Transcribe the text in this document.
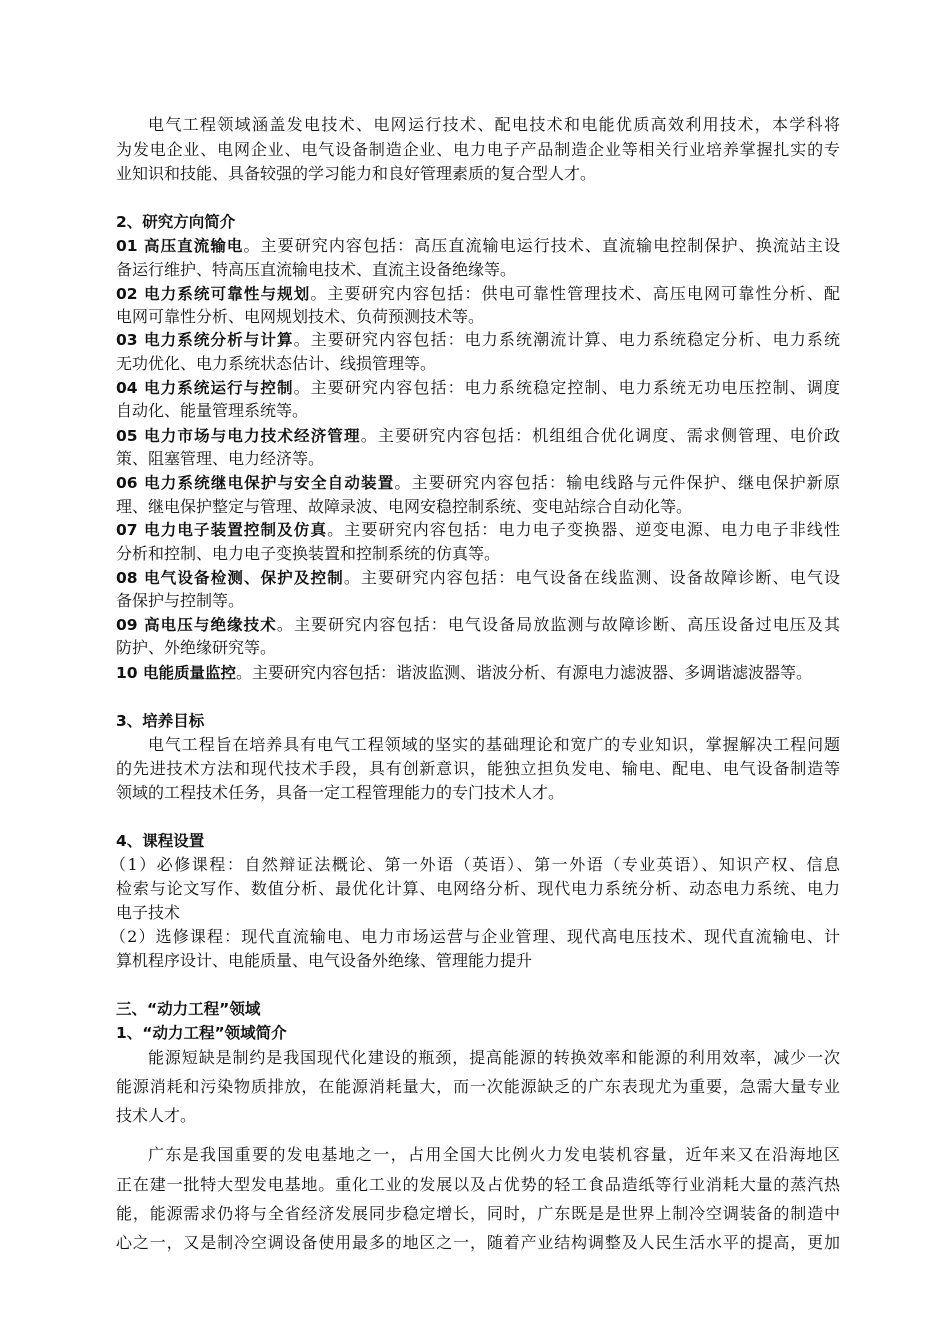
电气工程领域涵盖发电技术、电网运行技术、配电技术和电能优质高效利用技术，本学科将
为发电企业、电网企业、电气设备制造企业、电力电子产品制造企业等相关行业培养掌握扎实的专
业知识和技能、具备较强的学习能力和良好管理素质的复合型人才。
2、研究方向简介
01 高压直流输电。主要研究内容包括：高压直流输电运行技术、直流输电控制保护、换流站主设
备运行维护、特高压直流输电技术、直流主设备绝缘等。
02 电力系统可靠性与规划。主要研究内容包括：供电可靠性管理技术、高压电网可靠性分析、配
电网可靠性分析、电网规划技术、负荷预测技术等。
03 电力系统分析与计算。主要研究内容包括：电力系统潮流计算、电力系统稳定分析、电力系统
无功优化、电力系统状态估计、线损管理等。
04 电力系统运行与控制。主要研究内容包括：电力系统稳定控制、电力系统无功电压控制、调度
自动化、能量管理系统等。
05 电力市场与电力技术经济管理。主要研究内容包括：机组组合优化调度、需求侧管理、电价政
策、阻塞管理、电力经济等。
06 电力系统继电保护与安全自动装置。主要研究内容包括：输电线路与元件保护、继电保护新原
理、继电保护整定与管理、故障录波、电网安稳控制系统、变电站综合自动化等。
07 电力电子装置控制及仿真。主要研究内容包括：电力电子变换器、逆变电源、电力电子非线性
分析和控制、电力电子变换装置和控制系统的仿真等。
08 电气设备检测、保护及控制。主要研究内容包括：电气设备在线监测、设备故障诊断、电气设
备保护与控制等。
09 高电压与绝缘技术。主要研究内容包括：电气设备局放监测与故障诊断、高压设备过电压及其
防护、外绝缘研究等。
10 电能质量监控。主要研究内容包括：谐波监测、谐波分析、有源电力滤波器、多调谐滤波器等。
3、培养目标
电气工程旨在培养具有电气工程领域的坚实的基础理论和宽广的专业知识，掌握解决工程问题
的先进技术方法和现代技术手段，具有创新意识，能独立担负发电、输电、配电、电气设备制造等
领域的工程技术任务，具备一定工程管理能力的专门技术人才。
4、课程设置
（1）必修课程：自然辩证法概论、第一外语（英语）、第一外语（专业英语）、知识产权、信息
检索与论文写作、数值分析、最优化计算、电网络分析、现代电力系统分析、动态电力系统、电力
电子技术
（2）选修课程：现代直流输电、电力市场运营与企业管理、现代高电压技术、现代直流输电、计
算机程序设计、电能质量、电气设备外绝缘、管理能力提升
三、“动力工程”领域
1、“动力工程”领域简介
能源短缺是制约是我国现代化建设的瓶颈，提高能源的转换效率和能源的利用效率，减少一次
能源消耗和污染物质排放，在能源消耗量大，而一次能源缺乏的广东表现尤为重要，急需大量专业
技术人才。
广东是我国重要的发电基地之一，占用全国大比例火力发电装机容量，近年来又在沿海地区
正在建一批特大型发电基地。重化工业的发展以及占优势的轻工食品造纸等行业消耗大量的蒸汽热
能，能源需求仍将与全省经济发展同步稳定增长，同时，广东既是是世界上制冷空调装备的制造中
心之一，又是制冷空调设备使用最多的地区之一，随着产业结构调整及人民生活水平的提高，更加
